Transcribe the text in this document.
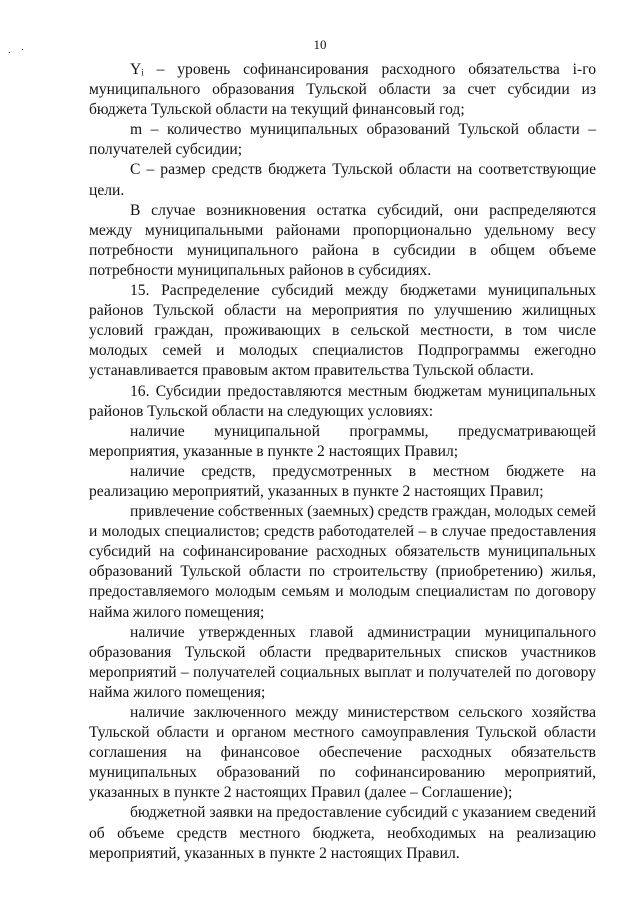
.·	10

Yᵢ – уровень софинансирования расходного обязательства i-го муниципального образования Тульской области за счет субсидии из бюджета Тульской области на текущий финансовый год;

m – количество муниципальных образований Тульской области – получателей субсидии;

С – размер средств бюджета Тульской области на соответствующие цели.

В случае возникновения остатка субсидий, они распределяются между муниципальными районами пропорционально удельному весу потребности муниципального района в субсидии в общем объеме потребности муниципальных районов в субсидиях.

15. Распределение субсидий между бюджетами муниципальных районов Тульской области на мероприятия по улучшению жилищных условий граждан, проживающих в сельской местности, в том числе молодых семей и молодых специалистов Подпрограммы ежегодно устанавливается правовым актом правительства Тульской области.

16. Субсидии предоставляются местным бюджетам муниципальных районов Тульской области на следующих условиях:

наличие муниципальной программы, предусматривающей мероприятия, указанные в пункте 2 настоящих Правил;

наличие средств, предусмотренных в местном бюджете на реализацию мероприятий, указанных в пункте 2 настоящих Правил;

привлечение собственных (заемных) средств граждан, молодых семей и молодых специалистов; средств работодателей – в случае предоставления субсидий на софинансирование расходных обязательств муниципальных образований Тульской области по строительству (приобретению) жилья, предоставляемого молодым семьям и молодым специалистам по договору найма жилого помещения;

наличие утвержденных главой администрации муниципального образования Тульской области предварительных списков участников мероприятий – получателей социальных выплат и получателей по договору найма жилого помещения;

наличие заключенного между министерством сельского хозяйства Тульской области и органом местного самоуправления Тульской области соглашения на финансовое обеспечение расходных обязательств муниципальных образований по софинансированию мероприятий, указанных в пункте 2 настоящих Правил (далее – Соглашение);

бюджетной заявки на предоставление субсидий с указанием сведений об объеме средств местного бюджета, необходимых на реализацию мероприятий, указанных в пункте 2 настоящих Правил.
